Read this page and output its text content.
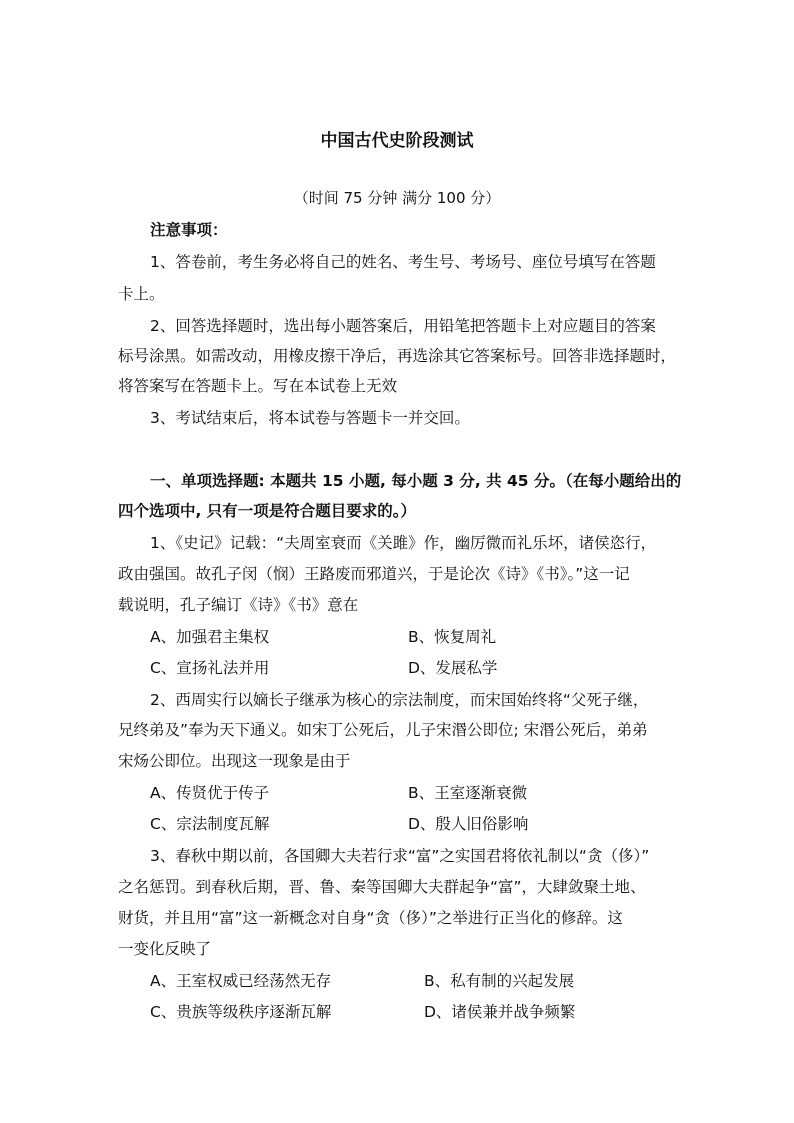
中国古代史阶段测试
（时间 75 分钟 满分 100 分）
注意事项：
1、答卷前，考生务必将自己的姓名、考生号、考场号、座位号填写在答题
卡上。
2、回答选择题时，选出每小题答案后，用铅笔把答题卡上对应题目的答案
标号涂黑。如需改动，用橡皮擦干净后，再选涂其它答案标号。回答非选择题时，
将答案写在答题卡上。写在本试卷上无效
3、考试结束后，将本试卷与答题卡一并交回。
一、单项选择题: 本题共 15 小题, 每小题 3 分, 共 45 分。（在每小题给出的
四个选项中, 只有一项是符合题目要求的。）
1、《史记》记载：“夫周室衰而《关雎》作，幽厉微而礼乐坏，诸侯恣行，
政由强国。故孔子闵（悯）王路废而邪道兴，于是论次《诗》《书》。”这一记
载说明，孔子编订《诗》《书》意在
A、加强君主集权	B、恢复周礼
C、宣扬礼法并用	D、发展私学
2、西周实行以嫡长子继承为核心的宗法制度，而宋国始终将“父死子继，
兄终弟及”奉为天下通义。如宋丁公死后，儿子宋湣公即位; 宋湣公死后，弟弟
宋炀公即位。出现这一现象是由于
A、传贤优于传子	B、王室逐渐衰微
C、宗法制度瓦解	D、殷人旧俗影响
3、春秋中期以前，各国卿大夫若行求“富”之实国君将依礼制以“贪（侈）”
之名惩罚。到春秋后期，晋、鲁、秦等国卿大夫群起争“富”，大肆敛聚土地、
财货，并且用“富”这一新概念对自身“贪（侈）”之举进行正当化的修辞。这
一变化反映了
A、王室权威已经荡然无存	B、私有制的兴起发展
C、贵族等级秩序逐渐瓦解	D、诸侯兼并战争频繁
